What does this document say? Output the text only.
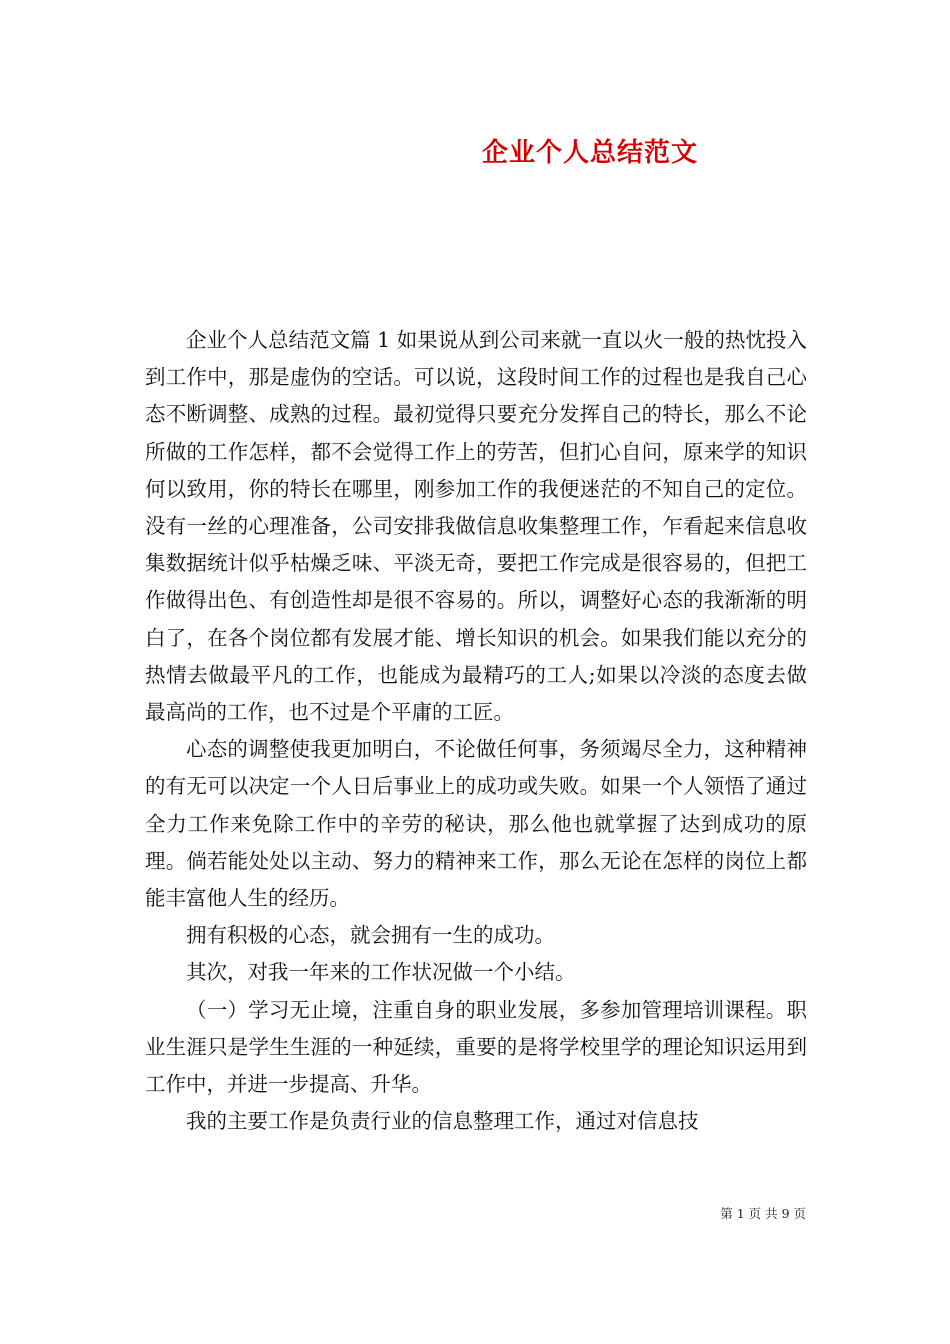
企业个人总结范文

企业个人总结范文篇 1 如果说从到公司来就一直以火一般的热忱投入到工作中，那是虚伪的空话。可以说，这段时间工作的过程也是我自己心态不断调整、成熟的过程。最初觉得只要充分发挥自己的特长，那么不论所做的工作怎样，都不会觉得工作上的劳苦，但扪心自问，原来学的知识何以致用，你的特长在哪里，刚参加工作的我便迷茫的不知自己的定位。没有一丝的心理准备，公司安排我做信息收集整理工作，乍看起来信息收集数据统计似乎枯燥乏味、平淡无奇，要把工作完成是很容易的，但把工作做得出色、有创造性却是很不容易的。所以，调整好心态的我渐渐的明白了，在各个岗位都有发展才能、增长知识的机会。如果我们能以充分的热情去做最平凡的工作，也能成为最精巧的工人;如果以冷淡的态度去做最高尚的工作，也不过是个平庸的工匠。

心态的调整使我更加明白，不论做任何事，务须竭尽全力，这种精神的有无可以决定一个人日后事业上的成功或失败。如果一个人领悟了通过全力工作来免除工作中的辛劳的秘诀，那么他也就掌握了达到成功的原理。倘若能处处以主动、努力的精神来工作，那么无论在怎样的岗位上都能丰富他人生的经历。

拥有积极的心态，就会拥有一生的成功。

其次，对我一年来的工作状况做一个小结。

（一）学习无止境，注重自身的职业发展，多参加管理培训课程。职业生涯只是学生生涯的一种延续，重要的是将学校里学的理论知识运用到工作中，并进一步提高、升华。

我的主要工作是负责行业的信息整理工作，通过对信息技

第 1 页 共 9 页
